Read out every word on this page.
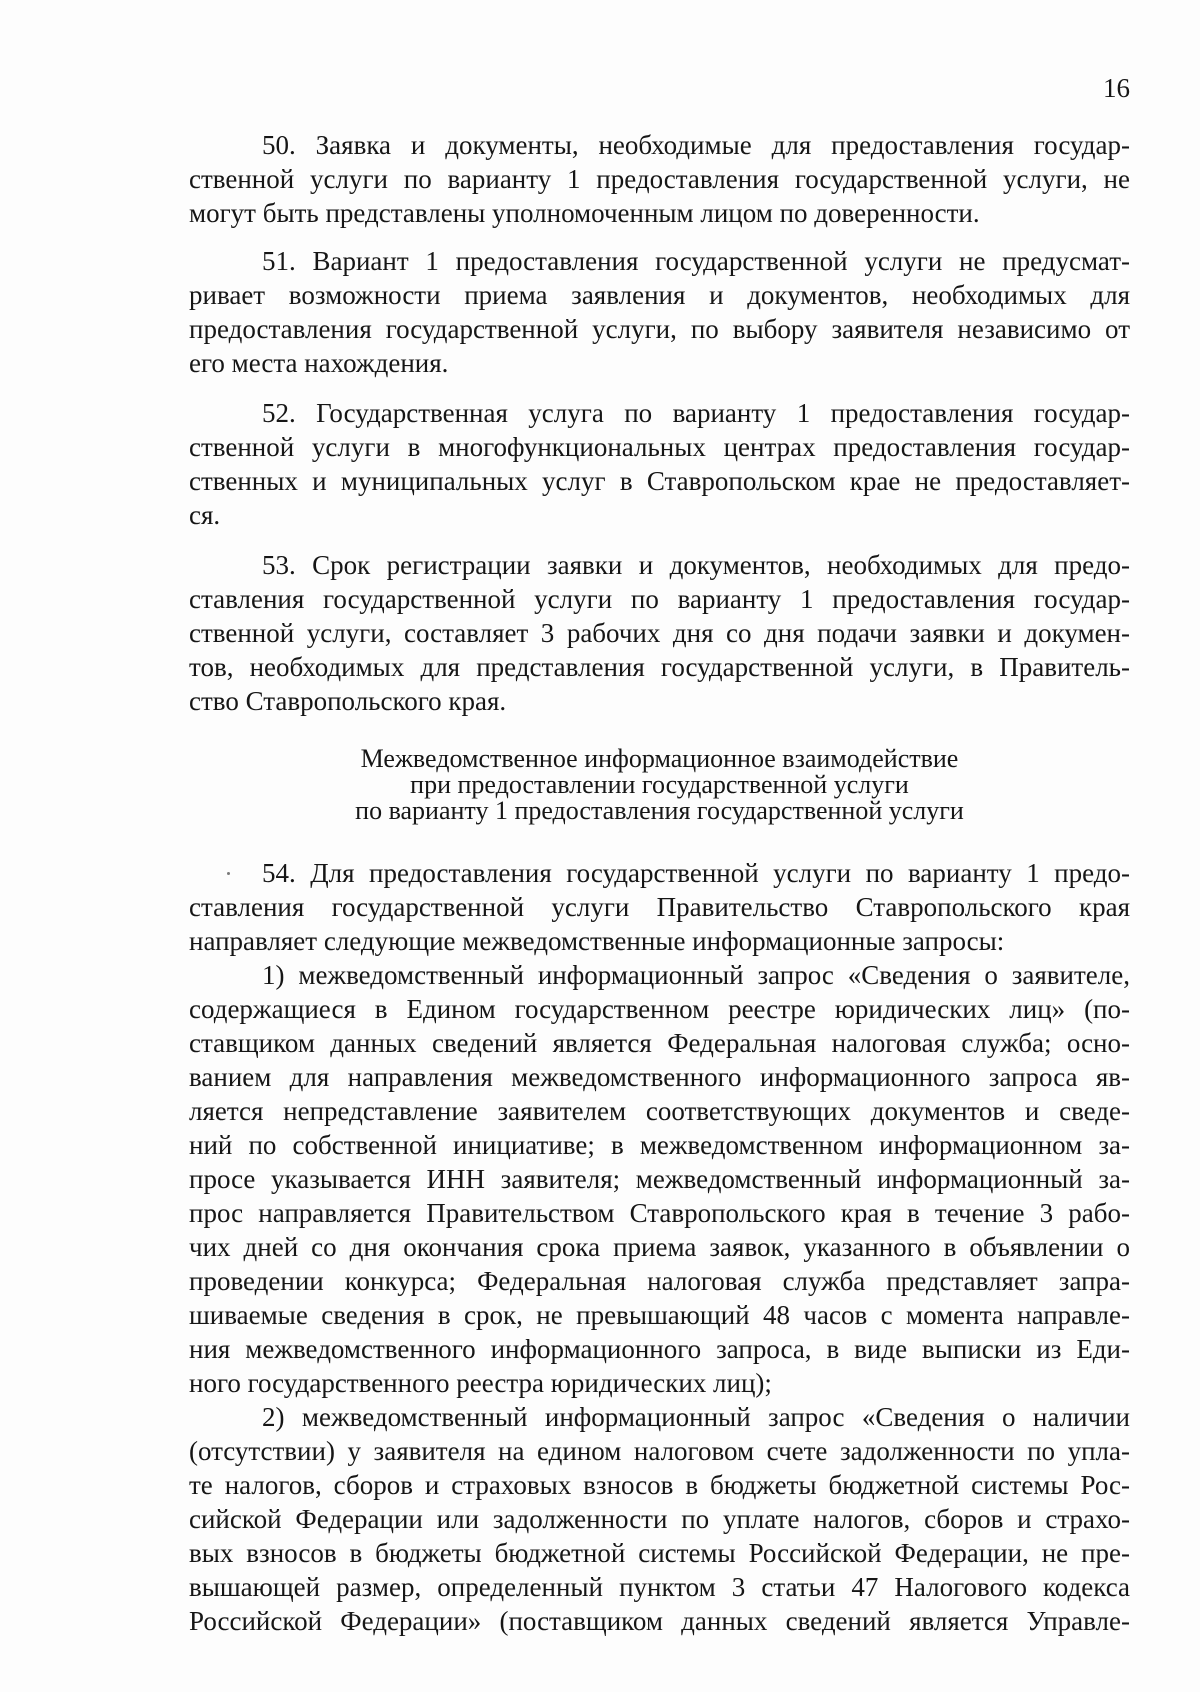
16
50. Заявка и документы, необходимые для предоставления государ-
ственной услуги по варианту 1 предоставления государственной услуги, не
могут быть представлены уполномоченным лицом по доверенности.
51. Вариант 1 предоставления государственной услуги не предусмат-
ривает возможности приема заявления и документов, необходимых для
предоставления государственной услуги, по выбору заявителя независимо от
его места нахождения.
52. Государственная услуга по варианту 1 предоставления государ-
ственной услуги в многофункциональных центрах предоставления государ-
ственных и муниципальных услуг в Ставропольском крае не предоставляет-
ся.
53. Срок регистрации заявки и документов, необходимых для предо-
ставления государственной услуги по варианту 1 предоставления государ-
ственной услуги, составляет 3 рабочих дня со дня подачи заявки и докумен-
тов, необходимых для представления государственной услуги, в Правитель-
ство Ставропольского края.
Межведомственное информационное взаимодействие
при предоставлении государственной услуги
по варианту 1 предоставления государственной услуги
54. Для предоставления государственной услуги по варианту 1 предо-
ставления государственной услуги Правительство Ставропольского края
направляет следующие межведомственные информационные запросы:
1) межведомственный информационный запрос «Сведения о заявителе,
содержащиеся в Едином государственном реестре юридических лиц» (по-
ставщиком данных сведений является Федеральная налоговая служба; осно-
ванием для направления межведомственного информационного запроса яв-
ляется непредставление заявителем соответствующих документов и сведе-
ний по собственной инициативе; в межведомственном информационном за-
просе указывается ИНН заявителя; межведомственный информационный за-
прос направляется Правительством Ставропольского края в течение 3 рабо-
чих дней со дня окончания срока приема заявок, указанного в объявлении о
проведении конкурса; Федеральная налоговая служба представляет запра-
шиваемые сведения в срок, не превышающий 48 часов с момента направле-
ния межведомственного информационного запроса, в виде выписки из Еди-
ного государственного реестра юридических лиц);
2) межведомственный информационный запрос «Сведения о наличии
(отсутствии) у заявителя на едином налоговом счете задолженности по упла-
те налогов, сборов и страховых взносов в бюджеты бюджетной системы Рос-
сийской Федерации или задолженности по уплате налогов, сборов и страхо-
вых взносов в бюджеты бюджетной системы Российской Федерации, не пре-
вышающей размер, определенный пунктом 3 статьи 47 Налогового кодекса
Российской Федерации» (поставщиком данных сведений является Управле-
